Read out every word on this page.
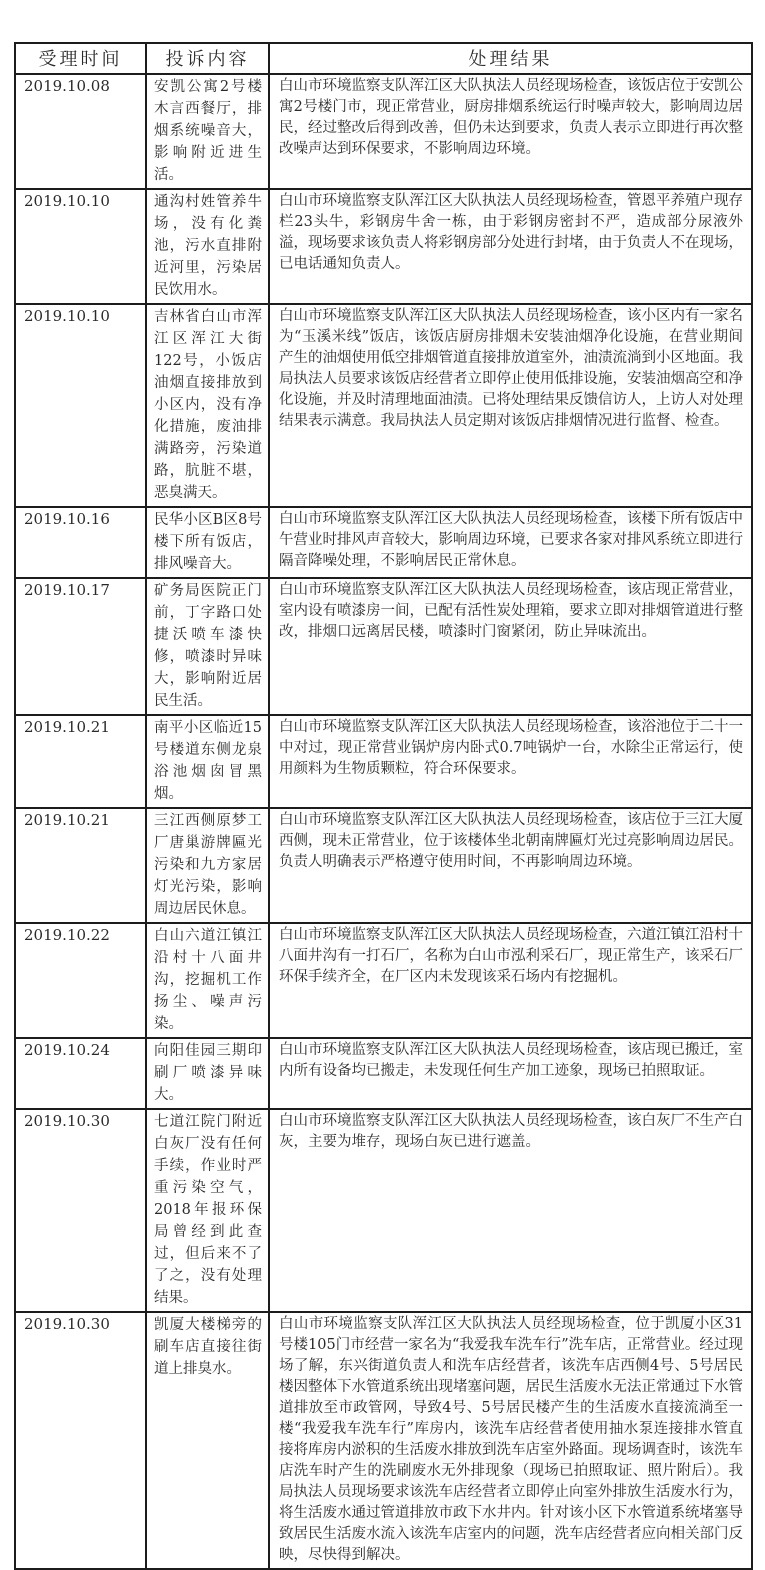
受理时间	投诉内容	处理结果
2019.10.08	安凯公寓2号楼木言西餐厅，排烟系统噪音大，影响附近进生活。	白山市环境监察支队浑江区大队执法人员经现场检查，该饭店位于安凯公寓2号楼门市，现正常营业，厨房排烟系统运行时噪声较大，影响周边居民，经过整改后得到改善，但仍未达到要求，负责人表示立即进行再次整改噪声达到环保要求，不影响周边环境。
2019.10.10	通沟村姓管养牛场，没有化粪池，污水直排附近河里，污染居民饮用水。	白山市环境监察支队浑江区大队执法人员经现场检查，管恩平养殖户现存栏23头牛，彩钢房牛舍一栋，由于彩钢房密封不严，造成部分尿液外溢，现场要求该负责人将彩钢房部分处进行封堵，由于负责人不在现场，已电话通知负责人。
2019.10.10	吉林省白山市浑江区浑江大街122号，小饭店油烟直接排放到小区内，没有净化措施，废油排满路旁，污染道路，肮脏不堪，恶臭满天。	白山市环境监察支队浑江区大队执法人员经现场检查，该小区内有一家名为“玉溪米线”饭店，该饭店厨房排烟未安装油烟净化设施，在营业期间产生的油烟使用低空排烟管道直接排放道室外，油渍流淌到小区地面。我局执法人员要求该饭店经营者立即停止使用低排设施，安装油烟高空和净化设施，并及时清理地面油渍。已将处理结果反馈信访人，上访人对处理结果表示满意。我局执法人员定期对该饭店排烟情况进行监督、检查。
2019.10.16	民华小区B区8号楼下所有饭店，排风噪音大。	白山市环境监察支队浑江区大队执法人员经现场检查，该楼下所有饭店中午营业时排风声音较大，影响周边环境，已要求各家对排风系统立即进行隔音降噪处理，不影响居民正常休息。
2019.10.17	矿务局医院正门前，丁字路口处捷沃喷车漆快修，喷漆时异味大，影响附近居民生活。	白山市环境监察支队浑江区大队执法人员经现场检查，该店现正常营业，室内设有喷漆房一间，已配有活性炭处理箱，要求立即对排烟管道进行整改，排烟口远离居民楼，喷漆时门窗紧闭，防止异味流出。
2019.10.21	南平小区临近15号楼道东侧龙泉浴池烟囱冒黑烟。	白山市环境监察支队浑江区大队执法人员经现场检查，该浴池位于二十一中对过，现正常营业锅炉房内卧式0.7吨锅炉一台，水除尘正常运行，使用颜料为生物质颗粒，符合环保要求。
2019.10.21	三江西侧原梦工厂唐巢游牌匾光污染和九方家居灯光污染，影响周边居民休息。	白山市环境监察支队浑江区大队执法人员经现场检查，该店位于三江大厦西侧，现未正常营业，位于该楼体坐北朝南牌匾灯光过亮影响周边居民。负责人明确表示严格遵守使用时间，不再影响周边环境。
2019.10.22	白山六道江镇江沿村十八面井沟，挖掘机工作扬尘、噪声污染。	白山市环境监察支队浑江区大队执法人员经现场检查，六道江镇江沿村十八面井沟有一打石厂，名称为白山市泓利采石厂，现正常生产，该采石厂环保手续齐全，在厂区内未发现该采石场内有挖掘机。
2019.10.24	向阳佳园三期印刷厂喷漆异味大。	白山市环境监察支队浑江区大队执法人员经现场检查，该店现已搬迁，室内所有设备均已搬走，未发现任何生产加工迹象，现场已拍照取证。
2019.10.30	七道江院门附近白灰厂没有任何手续，作业时严重污染空气，2018年报环保局曾经到此查过，但后来不了了之，没有处理结果。	白山市环境监察支队浑江区大队执法人员经现场检查，该白灰厂不生产白灰，主要为堆存，现场白灰已进行遮盖。
2019.10.30	凯厦大楼梯旁的刷车店直接往街道上排臭水。	白山市环境监察支队浑江区大队执法人员经现场检查，位于凯厦小区31号楼105门市经营一家名为“我爱我车洗车行”洗车店，正常营业。经过现场了解，东兴街道负责人和洗车店经营者，该洗车店西侧4号、5号居民楼因整体下水管道系统出现堵塞问题，居民生活废水无法正常通过下水管道排放至市政管网，导致4号、5号居民楼产生的生活废水直接流淌至一楼“我爱我车洗车行”库房内，该洗车店经营者使用抽水泵连接排水管直接将库房内淤积的生活废水排放到洗车店室外路面。现场调查时，该洗车店洗车时产生的洗刷废水无外排现象（现场已拍照取证、照片附后）。我局执法人员现场要求该洗车店经营者立即停止向室外排放生活废水行为，将生活废水通过管道排放市政下水井内。针对该小区下水管道系统堵塞导致居民生活废水流入该洗车店室内的问题，洗车店经营者应向相关部门反映，尽快得到解决。
